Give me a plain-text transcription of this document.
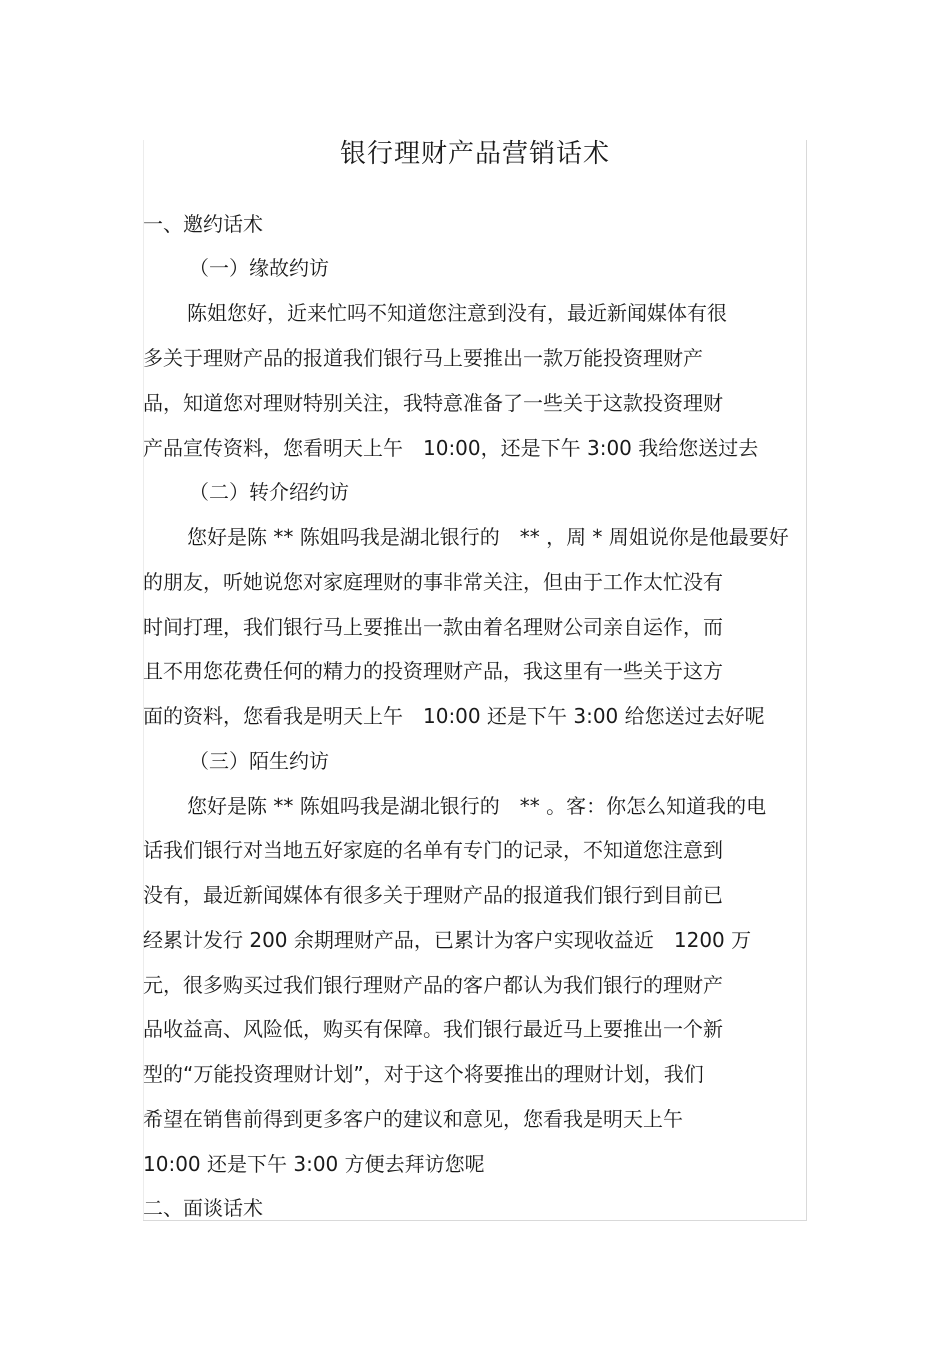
银行理财产品营销话术
一、邀约话术
（一）缘故约访
陈姐您好，近来忙吗不知道您注意到没有，最近新闻媒体有很
多关于理财产品的报道我们银行马上要推出一款万能投资理财产
品，知道您对理财特别关注，我特意准备了一些关于这款投资理财
产品宣传资料，您看明天上午　10:00，还是下午 3:00 我给您送过去
（二）转介绍约访
您好是陈 ** 陈姐吗我是湖北银行的　** ，周 * 周姐说你是他最要好
的朋友，听她说您对家庭理财的事非常关注，但由于工作太忙没有
时间打理，我们银行马上要推出一款由着名理财公司亲自运作，而
且不用您花费任何的精力的投资理财产品，我这里有一些关于这方
面的资料，您看我是明天上午　10:00 还是下午 3:00 给您送过去好呢
（三）陌生约访
您好是陈 ** 陈姐吗我是湖北银行的　** 。客：你怎么知道我的电
话我们银行对当地五好家庭的名单有专门的记录，不知道您注意到
没有，最近新闻媒体有很多关于理财产品的报道我们银行到目前已
经累计发行 200 余期理财产品，已累计为客户实现收益近　1200 万
元，很多购买过我们银行理财产品的客户都认为我们银行的理财产
品收益高、风险低，购买有保障。我们银行最近马上要推出一个新
型的“万能投资理财计划”，对于这个将要推出的理财计划，我们
希望在销售前得到更多客户的建议和意见，您看我是明天上午
10:00 还是下午 3:00 方便去拜访您呢
二、面谈话术
